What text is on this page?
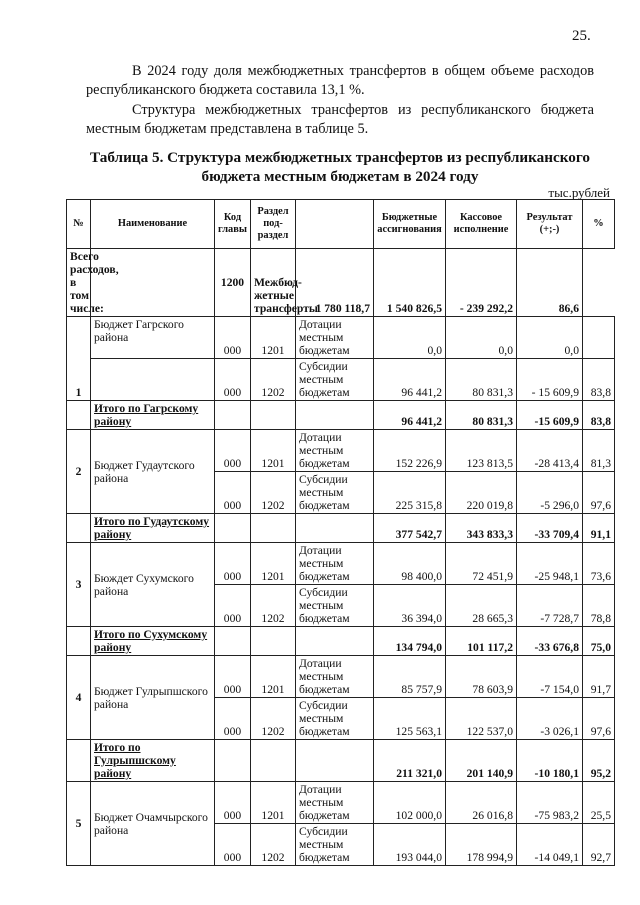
25.
В 2024 году доля межбюджетных трансфертов в общем объеме расходов республиканского бюджета составила 13,1 %.
Структура межбюджетных трансфертов из республиканского бюджета местным бюджетам представлена в таблице 5.
Таблица 5. Структура межбюджетных трансфертов из республиканского бюджета местным бюджетам в 2024 году
тыс.рублей
№	Наименование	Код главы	Раздел под-раздел		Бюджетные ассигнования	Кассовое исполнение	Результат (+;-)	%
Всего расходов, в том числе:		1200	Межбюд-жетные трансферты	1 780 118,7	1 540 826,5	- 239 292,2	86,6	
1	Бюджет Гагрского района	000	1201	Дотации местным бюджетам	0,0	0,0	0,0	
		000	1202	Субсидии местным бюджетам	96 441,2	80 831,3	- 15 609,9	83,8
	Итого по Гагрскому району				96 441,2	80 831,3	-15 609,9	83,8
2	Бюджет Гудаутского района	000	1201	Дотации местным бюджетам	152 226,9	123 813,5	-28 413,4	81,3
		000	1202	Субсидии местным бюджетам	225 315,8	220 019,8	-5 296,0	97,6
	Итого по Гудаутскому району				377 542,7	343 833,3	-33 709,4	91,1
3	Бюждет Сухумского района	000	1201	Дотации местным бюджетам	98 400,0	72 451,9	-25 948,1	73,6
		000	1202	Субсидии местным бюджетам	36 394,0	28 665,3	-7 728,7	78,8
	Итого по Сухумскому району				134 794,0	101 117,2	-33 676,8	75,0
4	Бюджет Гулрыпшского района	000	1201	Дотации местным бюджетам	85 757,9	78 603,9	-7 154,0	91,7
		000	1202	Субсидии местным бюджетам	125 563,1	122 537,0	-3 026,1	97,6
	Итого по Гулрыпшскому району				211 321,0	201 140,9	-10 180,1	95,2
5	Бюджет Очамчырского района	000	1201	Дотации местным бюджетам	102 000,0	26 016,8	-75 983,2	25,5
		000	1202	Субсидии местным бюджетам	193 044,0	178 994,9	-14 049,1	92,7
